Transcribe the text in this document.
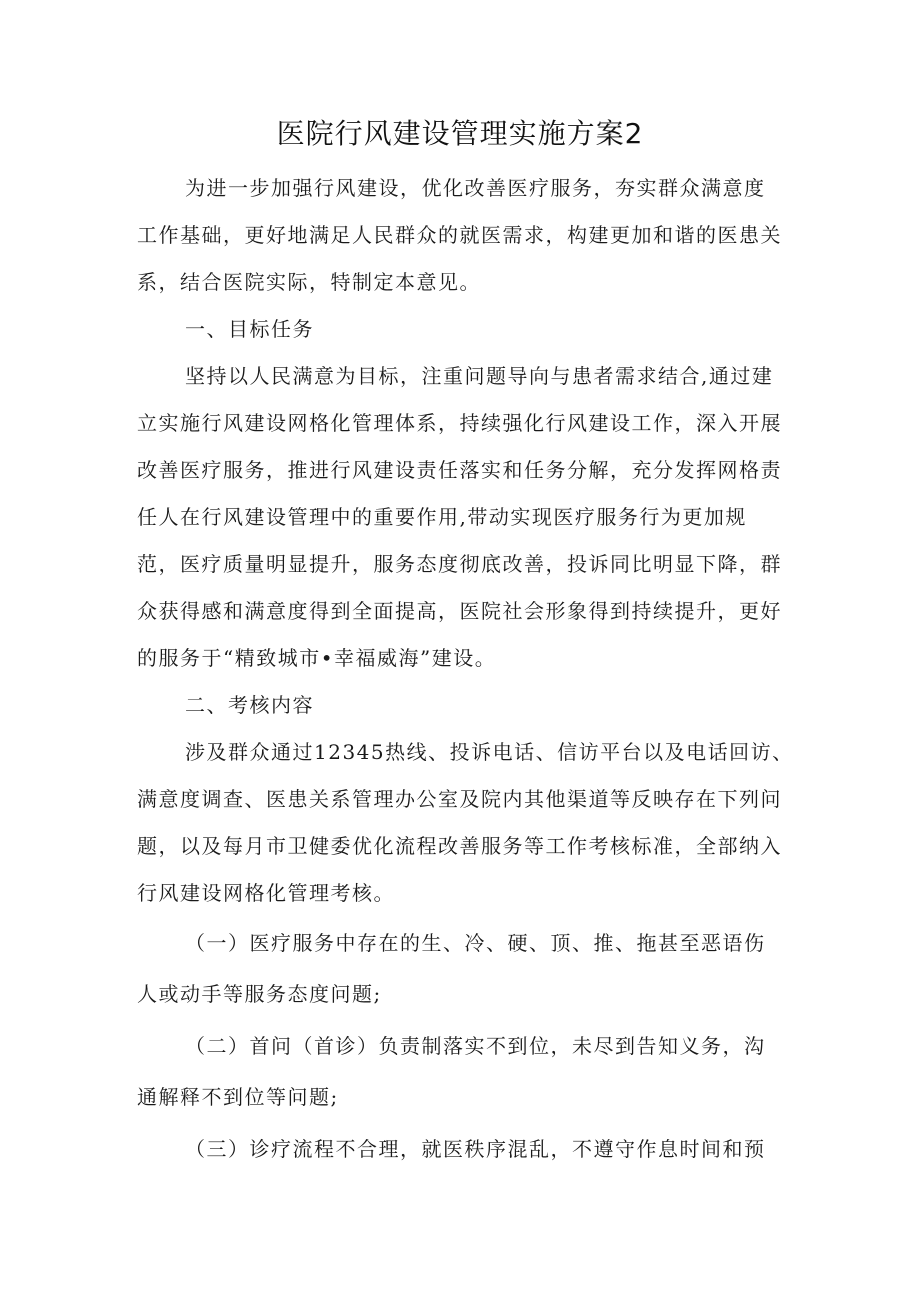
医院行风建设管理实施方案2
为进一步加强行风建设，优化改善医疗服务，夯实群众满意度
工作基础，更好地满足人民群众的就医需求，构建更加和谐的医患关
系，结合医院实际，特制定本意见。
一、目标任务
坚持以人民满意为目标，注重问题导向与患者需求结合,通过建
立实施行风建设网格化管理体系，持续强化行风建设工作，深入开展
改善医疗服务，推进行风建设责任落实和任务分解，充分发挥网格责
任人在行风建设管理中的重要作用,带动实现医疗服务行为更加规
范，医疗质量明显提升，服务态度彻底改善，投诉同比明显下降，群
众获得感和满意度得到全面提高，医院社会形象得到持续提升，更好
的服务于“精致城市•幸福威海”建设。
二、考核内容
涉及群众通过12345热线、投诉电话、信访平台以及电话回访、
满意度调查、医患关系管理办公室及院内其他渠道等反映存在下列问
题，以及每月市卫健委优化流程改善服务等工作考核标准，全部纳入
行风建设网格化管理考核。
（一）医疗服务中存在的生、冷、硬、顶、推、拖甚至恶语伤
人或动手等服务态度问题;
（二）首问（首诊）负责制落实不到位，未尽到告知义务，沟
通解释不到位等问题;
（三）诊疗流程不合理，就医秩序混乱，不遵守作息时间和预
